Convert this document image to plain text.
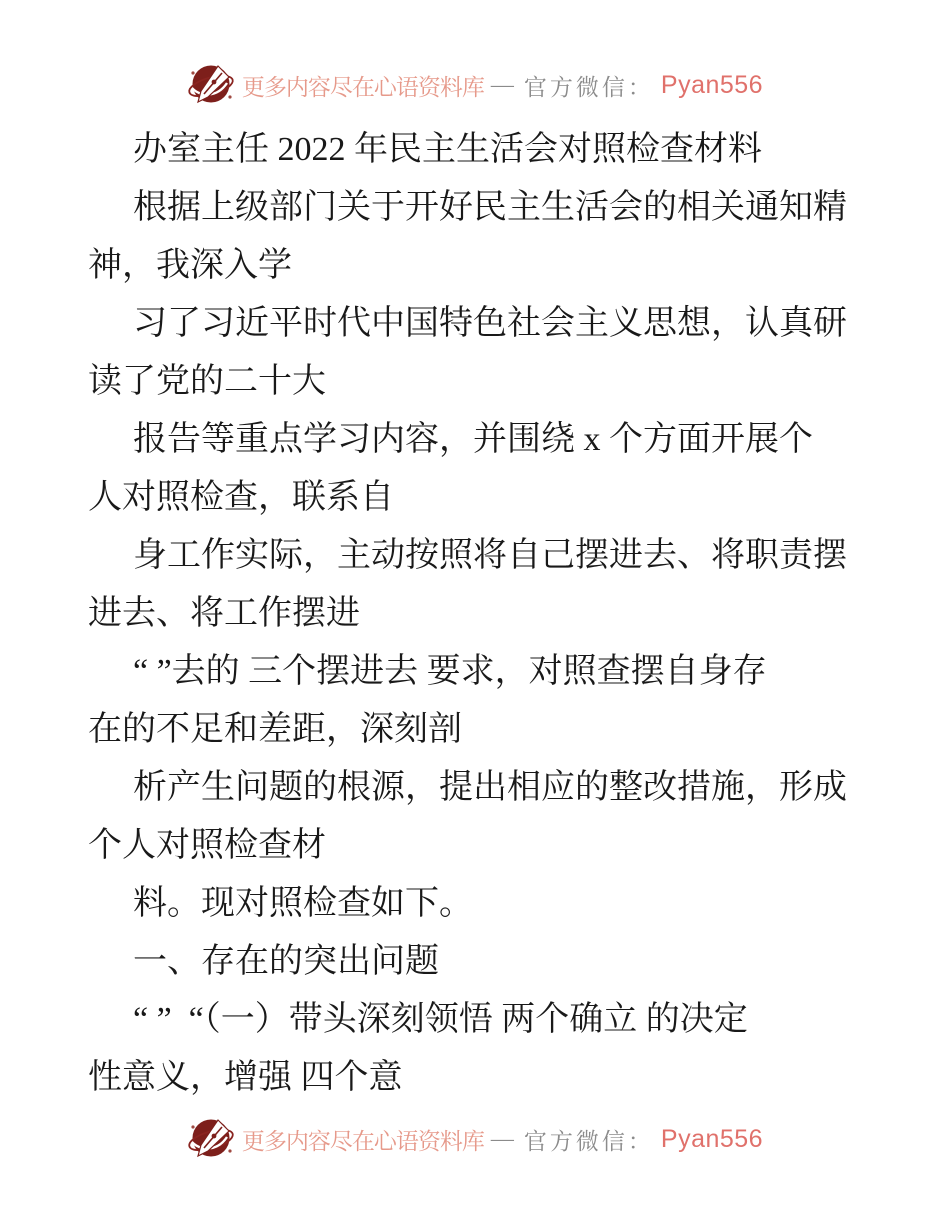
更多内容尽在心语资料库 — 官方微信： Pyan556

办室主任 2022 年民主生活会对照检查材料

根据上级部门关于开好民主生活会的相关通知精

神，我深入学

习了习近平时代中国特色社会主义思想，认真研

读了党的二十大

报告等重点学习内容，并围绕 x 个方面开展个

人对照检查，联系自

身工作实际，主动按照将自己摆进去、将职责摆

进去、将工作摆进

“ ”去的 三个摆进去 要求，对照查摆自身存

在的不足和差距，深刻剖

析产生问题的根源，提出相应的整改措施，形成

个人对照检查材

料。现对照检查如下。

一、存在的突出问题

“ ”  “（一）带头深刻领悟 两个确立 的决定

性意义，增强 四个意

更多内容尽在心语资料库 — 官方微信： Pyan556
